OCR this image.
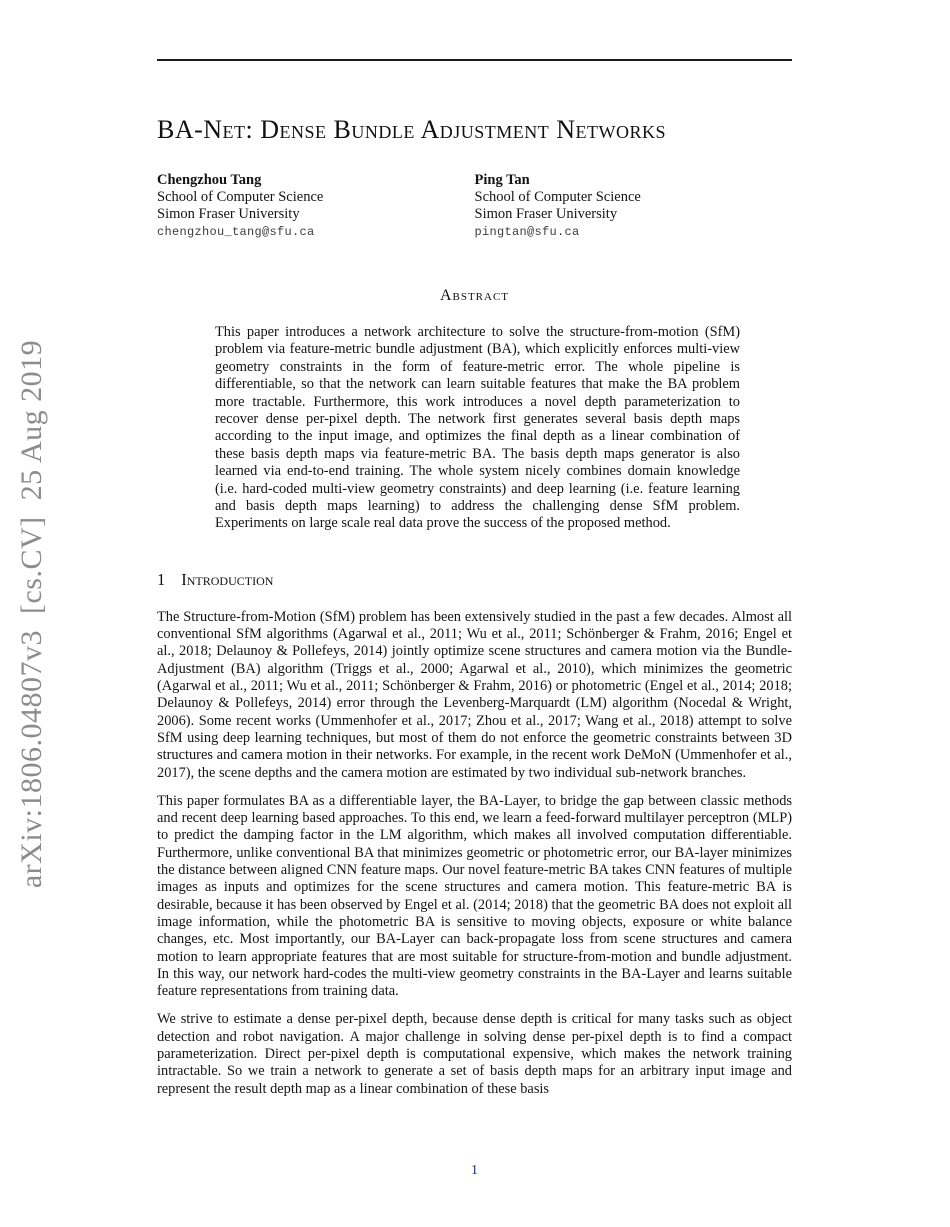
arXiv:1806.04807v3  [cs.CV]  25 Aug 2019
BA-Net: Dense Bundle Adjustment Networks
Chengzhou Tang
School of Computer Science
Simon Fraser University
chengzhou_tang@sfu.ca
Ping Tan
School of Computer Science
Simon Fraser University
pingtan@sfu.ca
Abstract
This paper introduces a network architecture to solve the structure-from-motion (SfM) problem via feature-metric bundle adjustment (BA), which explicitly enforces multi-view geometry constraints in the form of feature-metric error. The whole pipeline is differentiable, so that the network can learn suitable features that make the BA problem more tractable. Furthermore, this work introduces a novel depth parameterization to recover dense per-pixel depth. The network first generates several basis depth maps according to the input image, and optimizes the final depth as a linear combination of these basis depth maps via feature-metric BA. The basis depth maps generator is also learned via end-to-end training. The whole system nicely combines domain knowledge (i.e. hard-coded multi-view geometry constraints) and deep learning (i.e. feature learning and basis depth maps learning) to address the challenging dense SfM problem. Experiments on large scale real data prove the success of the proposed method.
1 Introduction

The Structure-from-Motion (SfM) problem has been extensively studied in the past a few decades. Almost all conventional SfM algorithms (Agarwal et al., 2011; Wu et al., 2011; Schönberger & Frahm, 2016; Engel et al., 2018; Delaunoy & Pollefeys, 2014) jointly optimize scene structures and camera motion via the Bundle-Adjustment (BA) algorithm (Triggs et al., 2000; Agarwal et al., 2010), which minimizes the geometric (Agarwal et al., 2011; Wu et al., 2011; Schönberger & Frahm, 2016) or photometric (Engel et al., 2014; 2018; Delaunoy & Pollefeys, 2014) error through the Levenberg-Marquardt (LM) algorithm (Nocedal & Wright, 2006). Some recent works (Ummenhofer et al., 2017; Zhou et al., 2017; Wang et al., 2018) attempt to solve SfM using deep learning techniques, but most of them do not enforce the geometric constraints between 3D structures and camera motion in their networks. For example, in the recent work DeMoN (Ummenhofer et al., 2017), the scene depths and the camera motion are estimated by two individual sub-network branches.

This paper formulates BA as a differentiable layer, the BA-Layer, to bridge the gap between classic methods and recent deep learning based approaches. To this end, we learn a feed-forward multilayer perceptron (MLP) to predict the damping factor in the LM algorithm, which makes all involved computation differentiable. Furthermore, unlike conventional BA that minimizes geometric or photometric error, our BA-layer minimizes the distance between aligned CNN feature maps. Our novel feature-metric BA takes CNN features of multiple images as inputs and optimizes for the scene structures and camera motion. This feature-metric BA is desirable, because it has been observed by Engel et al. (2014; 2018) that the geometric BA does not exploit all image information, while the photometric BA is sensitive to moving objects, exposure or white balance changes, etc. Most importantly, our BA-Layer can back-propagate loss from scene structures and camera motion to learn appropriate features that are most suitable for structure-from-motion and bundle adjustment. In this way, our network hard-codes the multi-view geometry constraints in the BA-Layer and learns suitable feature representations from training data.

We strive to estimate a dense per-pixel depth, because dense depth is critical for many tasks such as object detection and robot navigation. A major challenge in solving dense per-pixel depth is to find a compact parameterization. Direct per-pixel depth is computational expensive, which makes the network training intractable. So we train a network to generate a set of basis depth maps for an arbitrary input image and represent the result depth map as a linear combination of these basis

1
